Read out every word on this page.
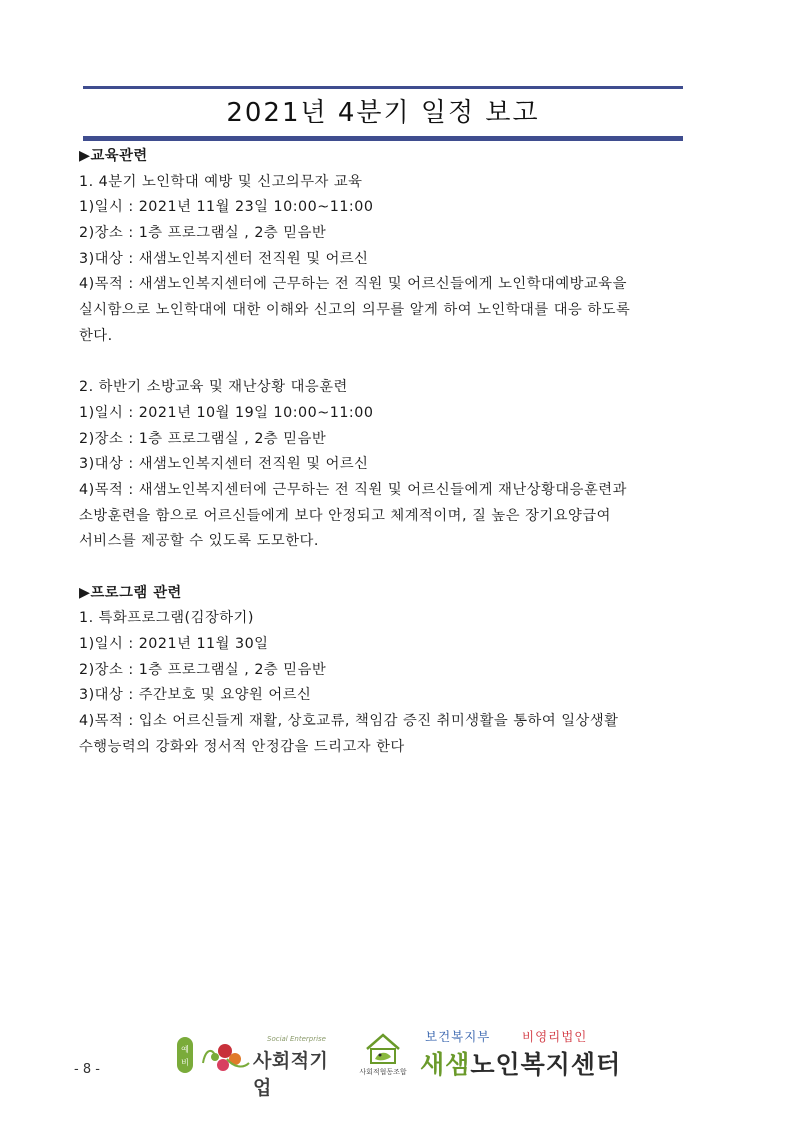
2021년 4분기 일정 보고
▶교육관련
1. 4분기 노인학대 예방 및 신고의무자 교육
1)일시 : 2021년 11월 23일 10:00~11:00
2)장소 : 1층 프로그램실 , 2층 믿음반
3)대상 : 새샘노인복지센터 전직원 및 어르신
4)목적 : 새샘노인복지센터에 근무하는 전 직원 및 어르신들에게 노인학대예방교육을
실시함으로 노인학대에 대한 이해와 신고의 의무를 알게 하여 노인학대를 대응 하도록
한다.
2. 하반기 소방교육 및 재난상황 대응훈련
1)일시 : 2021년 10월 19일 10:00~11:00
2)장소 : 1층 프로그램실 , 2층 믿음반
3)대상 : 새샘노인복지센터 전직원 및 어르신
4)목적 : 새샘노인복지센터에 근무하는 전 직원 및 어르신들에게 재난상황대응훈련과
소방훈련을 함으로 어르신들에게 보다 안정되고 체계적이며, 질 높은 장기요양급여
서비스를 제공할 수 있도록 도모한다.
▶프로그램 관련
1. 특화프로그램(김장하기)
1)일시 : 2021년 11월 30일
2)장소 : 1층 프로그램실 , 2층 믿음반
3)대상 : 주간보호 및 요양원 어르신
4)목적 : 입소 어르신들게 재활, 상호교류, 책임감 증진 취미생활을 통하여 일상생활
수행능력의 강화와 정서적 안정감을 드리고자 한다
- 8 -
예
비
Social Enterprise
사회적기업
사회적협동조합
보건복지부	비영리법인
새샘노인복지센터
